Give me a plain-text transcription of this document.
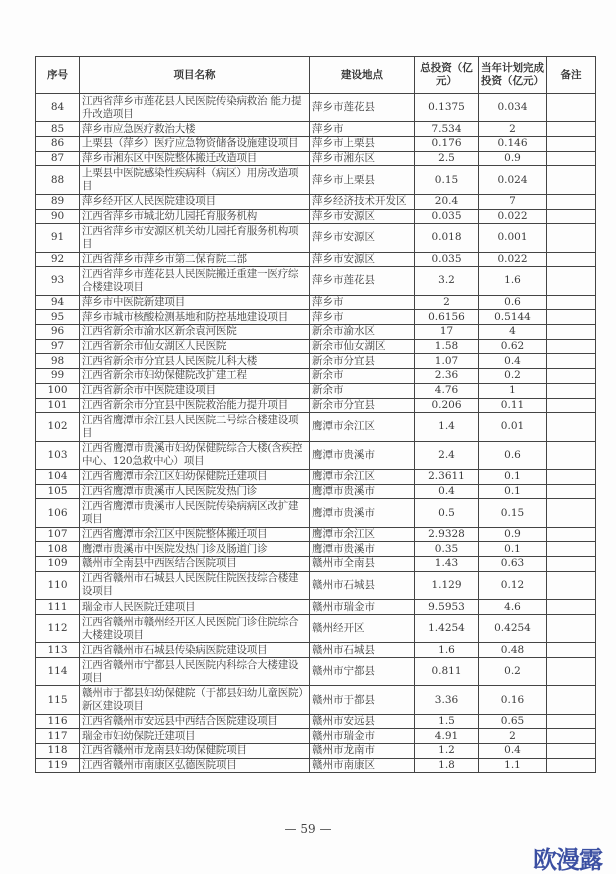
序号	项目名称	建设地点	总投资（亿元）	当年计划完成投资（亿元）	备注
84	江西省萍乡市莲花县人民医院传染病救治 能力提升改造项目	萍乡市莲花县	0.1375	0.034	
85	萍乡市应急医疗救治大楼	萍乡市	7.534	2	
86	上栗县（萍乡）医疗应急物资储备设施建设项目	萍乡市上栗县	0.176	0.146	
87	萍乡市湘东区中医院整体搬迁改造项目	萍乡市湘东区	2.5	0.9	
88	上栗县中医院感染性疾病科（病区）用房改造项目	萍乡市上栗县	0.15	0.024	
89	萍乡经开区人民医院建设项目	萍乡经济技术开发区	20.4	7	
90	江西省萍乡市城北幼儿园托育服务机构	萍乡市安源区	0.035	0.022	
91	江西省萍乡市安源区机关幼儿园托育服务机构项目	萍乡市安源区	0.018	0.001	
92	江西省萍乡市萍乡市第二保育院二部	萍乡市安源区	0.035	0.022	
93	江西省萍乡市莲花县人民医院搬迁重建一医疗综合楼建设项目	萍乡市莲花县	3.2	1.6	
94	萍乡市中医院新建项目	萍乡市	2	0.6	
95	萍乡市城市核酸检测基地和防控基地建设项目	萍乡市	0.6156	0.5144	
96	江西省新余市渝水区新余袁河医院	新余市渝水区	17	4	
97	江西省新余市仙女湖区人民医院	新余市仙女湖区	1.58	0.62	
98	江西省新余市分宜县人民医院儿科大楼	新余市分宜县	1.07	0.4	
99	江西省新余市妇幼保健院改扩建工程	新余市	2.36	0.2	
100	江西省新余市中医院建设项目	新余市	4.76	1	
101	江西省新余市分宜县中医院救治能力提升项目	新余市分宜县	0.206	0.11	
102	江西省鹰潭市余江县人民医院二号综合楼建设项目	鹰潭市余江区	1.4	0.01	
103	江西省鹰潭市贵溪市妇幼保健院综合大楼(含疾控中心、120急救中心）项目	鹰潭市贵溪市	2.4	0.6	
104	江西省鹰潭市余江区妇幼保健院迁建项目	鹰潭市余江区	2.3611	0.1	
105	江西省鹰潭市贵溪市人民医院发热门诊	鹰潭市贵溪市	0.4	0.1	
106	江西省鹰潭市贵溪市人民医院传染病病区改扩建项目	鹰潭市贵溪市	0.5	0.15	
107	江西省鹰潭市余江区中医院整体搬迁项目	鹰潭市余江区	2.9328	0.9	
108	鹰潭市贵溪市中医院发热门诊及肠道门诊	鹰潭市贵溪市	0.35	0.1	
109	赣州市全南县中西医结合医院项目	赣州市全南县	1.43	0.63	
110	江西省赣州市石城县人民医院住院医技综合楼建设项目	赣州市石城县	1.129	0.12	
111	瑞金市人民医院迁建项目	赣州市瑞金市	9.5953	4.6	
112	江西省赣州市赣州经开区人民医院门诊住院综合大楼建设项目	赣州经开区	1.4254	0.4254	
113	江西省赣州市石城县传染病医院建设项目	赣州市石城县	1.6	0.48	
114	江西省赣州市宁都县人民医院内科综合大楼建设项目	赣州市宁都县	0.811	0.2	
115	赣州市于都县妇幼保健院（于都县妇幼儿童医院）新区建设项目	赣州市于都县	3.36	0.16	
116	江西省赣州市安远县中西结合医院建设项目	赣州市安远县	1.5	0.65	
117	瑞金市妇幼保院迁建项目	赣州市瑞金市	4.91	2	
118	江西省赣州市龙南县妇幼保健院项目	赣州市龙南市	1.2	0.4	
119	江西省赣州市南康区弘德医院项目	赣州市南康区	1.8	1.1	
— 59 —
欧漫露
